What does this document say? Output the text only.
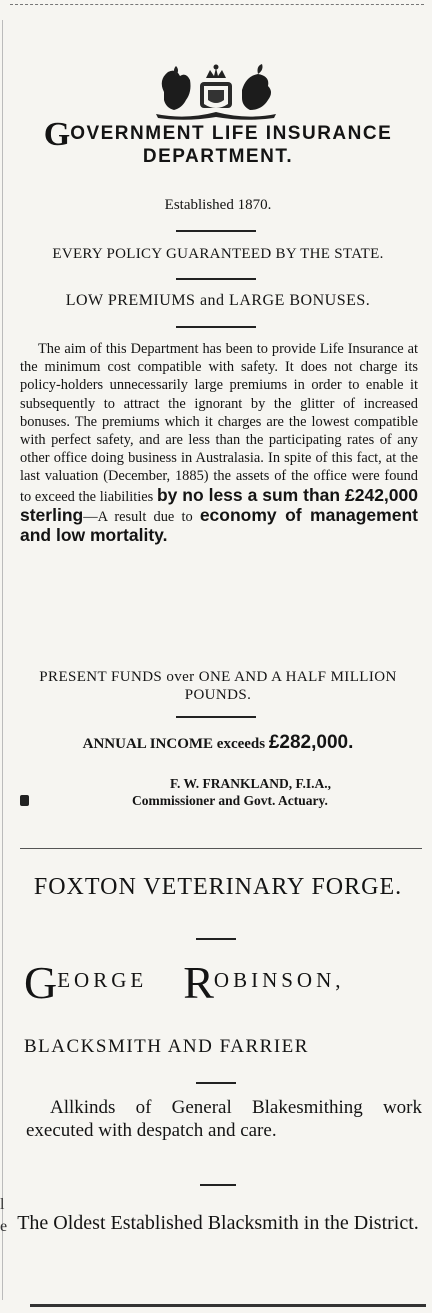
GOVERNMENT LIFE INSURANCE
DEPARTMENT.
Established 1870.
EVERY POLICY GUARANTEED BY THE STATE.
LOW PREMIUMS and LARGE BONUSES.
The aim of this Department has been to provide Life Insurance at the minimum cost compatible with safety. It does not charge its policy-holders unnecessarily large premiums in order to enable it subsequently to attract the ignorant by the glitter of increased bonuses. The premiums which it charges are the lowest compatible with perfect safety, and are less than the participating rates of any other office doing business in Australasia. In spite of this fact, at the last valuation (December, 1885) the assets of the office were found to exceed the liabilities by no less a sum than £242,000 sterling—A result due to economy of management and low mortality.
PRESENT FUNDS over ONE AND A HALF MILLION POUNDS.
ANNUAL INCOME exceeds £282,000.
F. W. FRANKLAND, F.I.A.,
Commissioner and Govt. Actuary.
FOXTON VETERINARY FORGE.
GEORGE ROBINSON,
BLACKSMITH AND FARRIER
Allkinds of General Blakesmithing work executed with despatch and care.
The Oldest Established Blacksmith in the District.
l
e
